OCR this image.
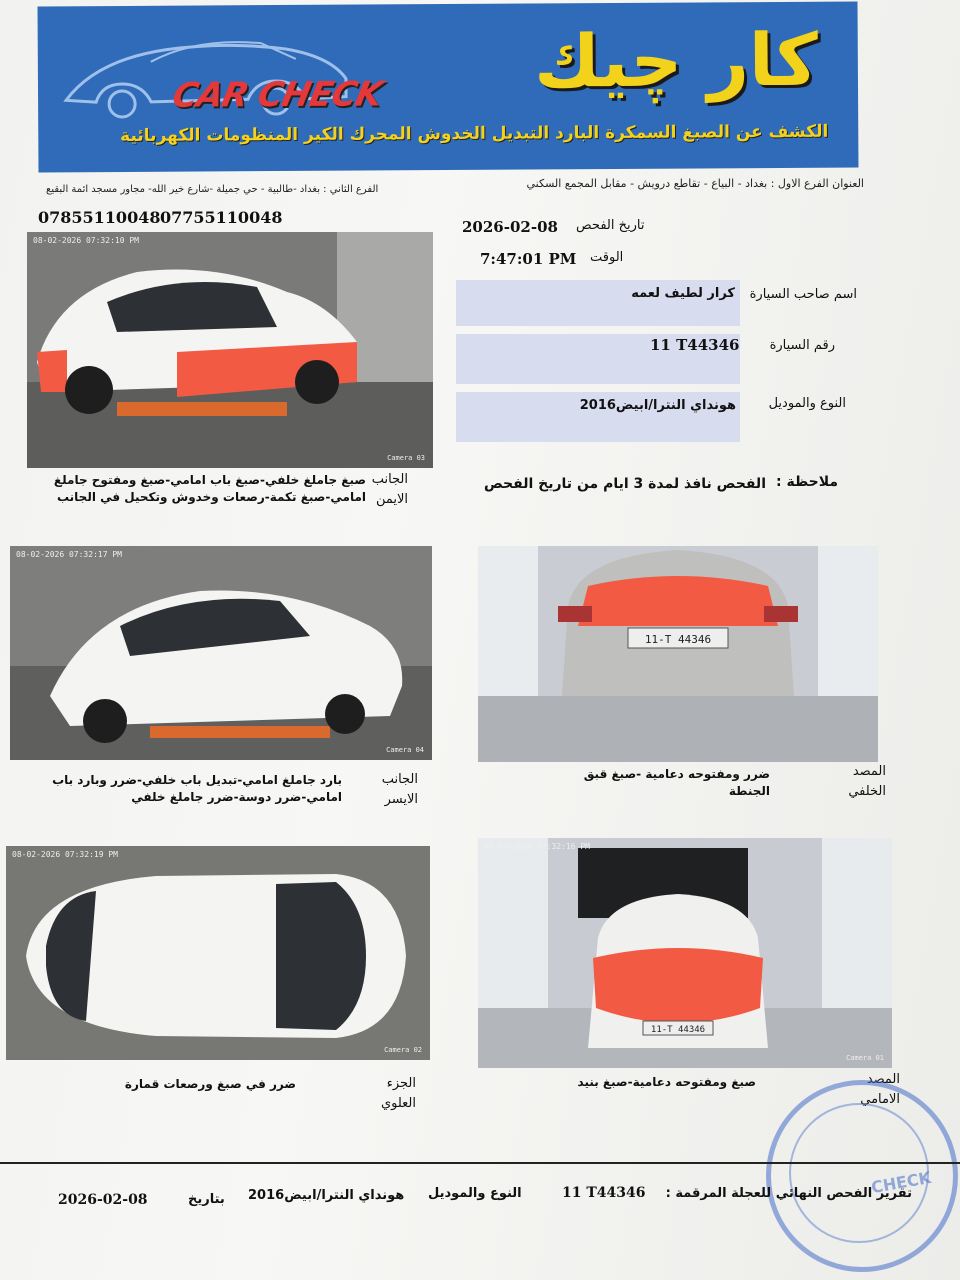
CAR CHECK كار چيك
الكشف عن الصبغ السمكرة البارد التبديل الخدوش المحرك الكير المنظومات الكهربائية
العنوان الفرع الاول : بغداد - البياع - تقاطع درويش - مقابل المجمع السكني
الفرع الثاني : بغداد -طالبية - حي جميلة -شارع خير الله- مجاور مسجد ائمة البقيع
07855110048 07755110048	تاريخ الفحص
2026-02-08
الوقت
7:47:01 PM
كرار لطيف لعمه اسم صاحب السيارة
11 T44346 رقم السيارة
هونداي النترا/ابيض2016	النوع والموديل
ملاحظة :
الفحص نافذ لمدة 3 ايام من تاريخ الفحص
08-02-2026 07:32:10 PM
Camera 03
الجانب الايمن
صبغ جاملغ خلفي-صبغ باب امامي-صبغ ومفتوح جاملغ امامي-صبغ تكمة-رصعات وخدوش وتكحيل في الجانب
08-02-2026 07:32:17 PM
Camera 04
الجانب الايسر
بارد جاملغ امامي-تبديل باب خلفي-ضرر وبارد باب امامي-ضرر دوسة-ضرر جاملغ خلفي
11-T 44346
المصد الخلفي
ضرر ومفتوحه دعامية -صبغ قبق الجنطة
08-02-2026 07:32:19 PM
Camera 02
الجزء العلوي
ضرر في صبغ ورصعات قمارة
11-T 44346
08-02-2026 07:32:16 PM
Camera 01
المصد الامامي
صبغ ومفتوحه دعامية-صبغ بنيد
CHECK
تقرير الفحص النهائي للعجلة المرقمة :
11 T44346
النوع والموديل
هونداي النترا/ابيض2016
بتاريخ
2026-02-08
